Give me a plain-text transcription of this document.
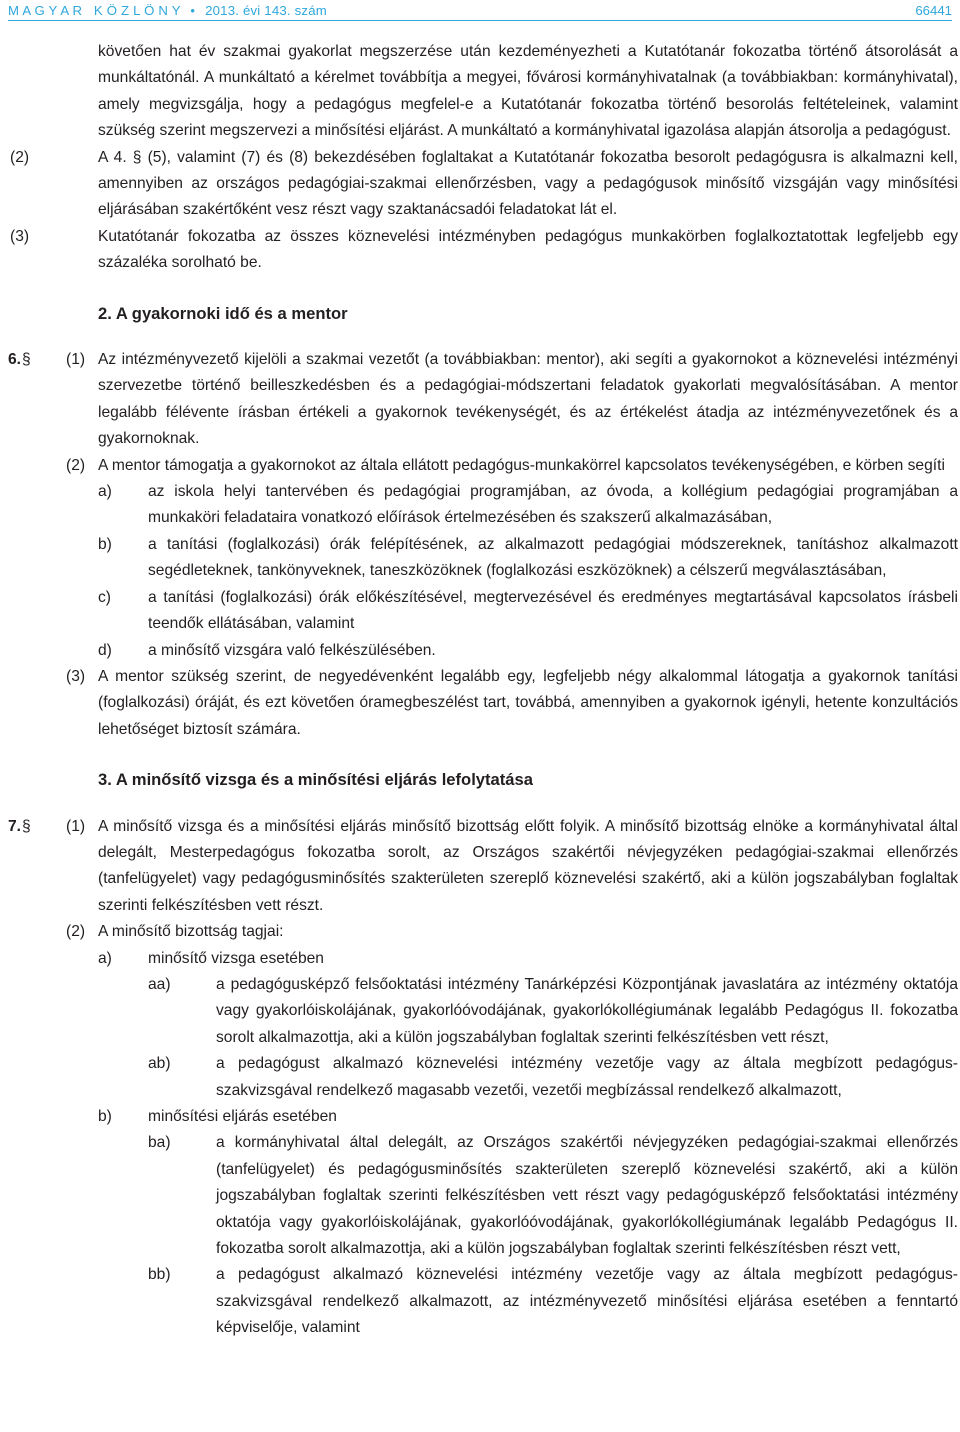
M A G Y A R   K Ö Z L Ö N Y • 2013. évi 143. szám	66441
követően hat év szakmai gyakorlat megszerzése után kezdeményezheti a Kutatótanár fokozatba történő átsorolását a munkáltatónál. A munkáltató a kérelmet továbbítja a megyei, fővárosi kormányhivatalnak (a továbbiakban: kormányhivatal), amely megvizsgálja, hogy a pedagógus megfelel-e a Kutatótanár fokozatba történő besorolás feltételeinek, valamint szükség szerint megszervezi a minősítési eljárást. A munkáltató a kormányhivatal igazolása alapján átsorolja a pedagógust.
(2)	A 4. § (5), valamint (7) és (8) bekezdésében foglaltakat a Kutatótanár fokozatba besorolt pedagógusra is alkalmazni kell, amennyiben az országos pedagógiai-szakmai ellenőrzésben, vagy a pedagógusok minősítő vizsgáján vagy minősítési eljárásában szakértőként vesz részt vagy szaktanácsadói feladatokat lát el.
(3)	Kutatótanár fokozatba az összes köznevelési intézményben pedagógus munkakörben foglalkoztatottak legfeljebb egy százaléka sorolható be.
2. A gyakornoki idő és a mentor
6. § (1) Az intézményvezető kijelöli a szakmai vezetőt (a továbbiakban: mentor), aki segíti a gyakornokot a köznevelési intézményi szervezetbe történő beilleszkedésben és a pedagógiai-módszertani feladatok gyakorlati megvalósításában. A mentor legalább félévente írásban értékeli a gyakornok tevékenységét, és az értékelést átadja az intézményvezetőnek és a gyakornoknak.
(2) A mentor támogatja a gyakornokot az általa ellátott pedagógus-munkakörrel kapcsolatos tevékenységében, e körben segíti
a) az iskola helyi tantervében és pedagógiai programjában, az óvoda, a kollégium pedagógiai programjában a munkaköri feladataira vonatkozó előírások értelmezésében és szakszerű alkalmazásában,
b) a tanítási (foglalkozási) órák felépítésének, az alkalmazott pedagógiai módszereknek, tanításhoz alkalmazott segédleteknek, tankönyveknek, taneszközöknek (foglalkozási eszközöknek) a célszerű megválasztásában,
c) a tanítási (foglalkozási) órák előkészítésével, megtervezésével és eredményes megtartásával kapcsolatos írásbeli teendők ellátásában, valamint
d) a minősítő vizsgára való felkészülésében.
(3) A mentor szükség szerint, de negyedévenként legalább egy, legfeljebb négy alkalommal látogatja a gyakornok tanítási (foglalkozási) óráját, és ezt követően óramegbeszélést tart, továbbá, amennyiben a gyakornok igényli, hetente konzultációs lehetőséget biztosít számára.
3. A minősítő vizsga és a minősítési eljárás lefolytatása
7. § (1) A minősítő vizsga és a minősítési eljárás minősítő bizottság előtt folyik. A minősítő bizottság elnöke a kormányhivatal által delegált, Mesterpedagógus fokozatba sorolt, az Országos szakértői névjegyzéken pedagógiai-szakmai ellenőrzés (tanfelügyelet) vagy pedagógusminősítés szakterületen szereplő köznevelési szakértő, aki a külön jogszabályban foglaltak szerinti felkészítésben vett részt.
(2) A minősítő bizottság tagjai:
a) minősítő vizsga esetében
aa)	a pedagógusképző felsőoktatási intézmény Tanárképzési Központjának javaslatára az intézmény oktatója vagy gyakorlóiskolájának, gyakorlóóvodájának, gyakorlókollégiumának legalább Pedagógus II. fokozatba sorolt alkalmazottja, aki a külön jogszabályban foglaltak szerinti felkészítésben vett részt,
ab)	a pedagógust alkalmazó köznevelési intézmény vezetője vagy az általa megbízott pedagógus-szakvizsgával rendelkező magasabb vezetői, vezetői megbízással rendelkező alkalmazott,
b) minősítési eljárás esetében
ba)	a kormányhivatal által delegált, az Országos szakértői névjegyzéken pedagógiai-szakmai ellenőrzés (tanfelügyelet) és pedagógusminősítés szakterületen szereplő köznevelési szakértő, aki a külön jogszabályban foglaltak szerinti felkészítésben vett részt vagy pedagógusképző felsőoktatási intézmény oktatója vagy gyakorlóiskolájának, gyakorlóóvodájának, gyakorlókollégiumának legalább Pedagógus II. fokozatba sorolt alkalmazottja, aki a külön jogszabályban foglaltak szerinti felkészítésben részt vett,
bb)	a pedagógust alkalmazó köznevelési intézmény vezetője vagy az általa megbízott pedagógus-szakvizsgával rendelkező alkalmazott, az intézményvezető minősítési eljárása esetében a fenntartó képviselője, valamint
